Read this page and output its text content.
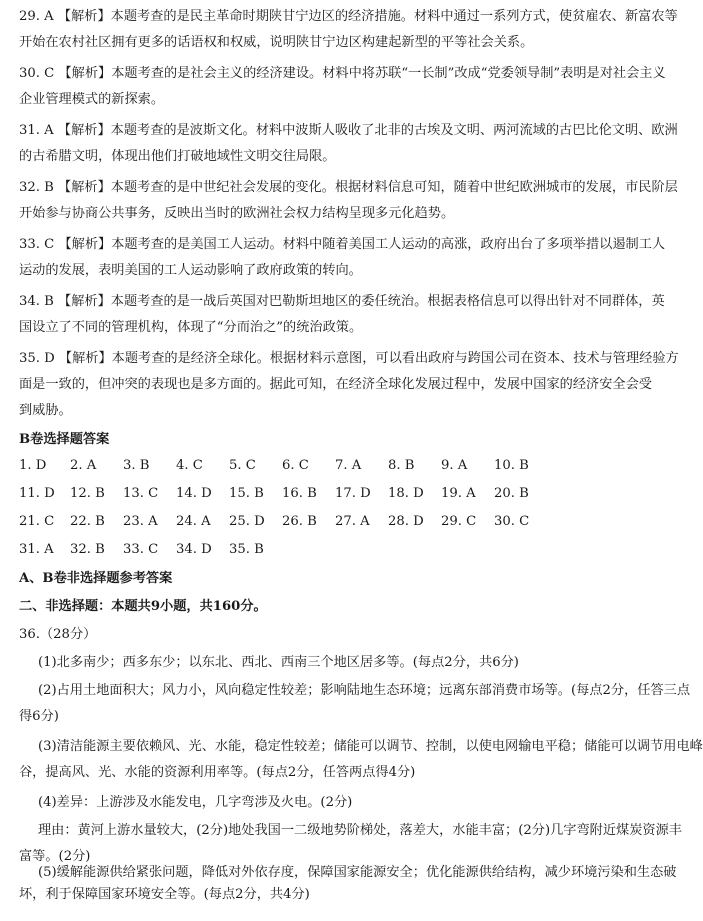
29. A 【解析】本题考查的是民主革命时期陕甘宁边区的经济措施。材料中通过一系列方式，使贫雇农、新富农等
开始在农村社区拥有更多的话语权和权威，说明陕甘宁边区构建起新型的平等社会关系。
30. C 【解析】本题考查的是社会主义的经济建设。材料中将苏联“一长制”改成“党委领导制”表明是对社会主义
企业管理模式的新探索。
31. A 【解析】本题考查的是波斯文化。材料中波斯人吸收了北非的古埃及文明、两河流域的古巴比伦文明、欧洲
的古希腊文明，体现出他们打破地域性文明交往局限。
32. B 【解析】本题考查的是中世纪社会发展的变化。根据材料信息可知，随着中世纪欧洲城市的发展，市民阶层
开始参与协商公共事务，反映出当时的欧洲社会权力结构呈现多元化趋势。
33. C 【解析】本题考查的是美国工人运动。材料中随着美国工人运动的高涨，政府出台了多项举措以遏制工人
运动的发展，表明美国的工人运动影响了政府政策的转向。
34. B 【解析】本题考查的是一战后英国对巴勒斯坦地区的委任统治。根据表格信息可以得出针对不同群体，英
国设立了不同的管理机构，体现了“分而治之”的统治政策。
35. D 【解析】本题考查的是经济全球化。根据材料示意图，可以看出政府与跨国公司在资本、技术与管理经验方
面是一致的，但冲突的表现也是多方面的。据此可知，在经济全球化发展过程中，发展中国家的经济安全会受
到威胁。
B卷选择题答案
1. D 2. A 3. B 4. C 5. C 6. C 7. A 8. B 9. A 10. B
11. D 12. B 13. C 14. D 15. B 16. B 17. D 18. D 19. A 20. B
21. C 22. B 23. A 24. A 25. D 26. B 27. A 28. D 29. C 30. C
31. A 32. B 33. C 34. D 35. B
A、B卷非选择题参考答案
二、非选择题：本题共9小题，共160分。
36.（28分）
(1)北多南少；西多东少；以东北、西北、西南三个地区居多等。(每点2分，共6分)
(2)占用土地面积大；风力小，风向稳定性较差；影响陆地生态环境；远离东部消费市场等。(每点2分，任答三点
得6分)
(3)清洁能源主要依赖风、光、水能，稳定性较差；储能可以调节、控制，以使电网输电平稳；储能可以调节用电峰
谷，提高风、光、水能的资源利用率等。(每点2分，任答两点得4分)
(4)差异：上游涉及水能发电，几字弯涉及火电。(2分)
理由：黄河上游水量较大，(2分)地处我国一二级地势阶梯处，落差大，水能丰富；(2分)几字弯附近煤炭资源丰
富等。(2分)
(5)缓解能源供给紧张问题，降低对外依存度，保障国家能源安全；优化能源供给结构，减少环境污染和生态破
坏，利于保障国家环境安全等。(每点2分，共4分)
